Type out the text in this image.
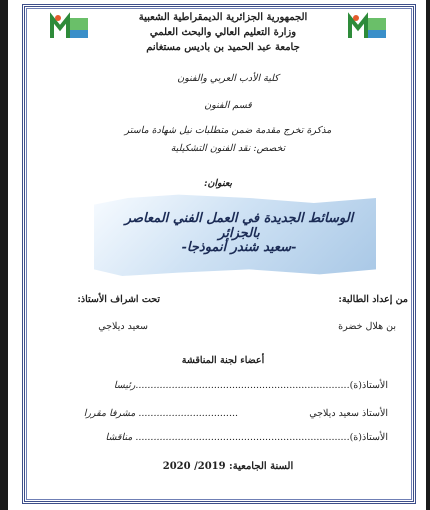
الجمهورية الجزائرية الديمقراطية الشعبية
وزارة التعليم العالي والبحث العلمي
جامعة عبد الحميد بن باديس مستغانم
كلية الأدب العربي والفنون
قسم الفنون
مذكرة تخرج مقدمة ضمن متطلبات نيل شهادة ماستر
تخصص: نقد الفنون التشكيلية
بعنوان:
الوسائط الجديدة في العمل الفني المعاصر بالجزائر
-سعيد شندر أنموذجا-
من إعداد الطالبة:
تحت اشراف الأستاذ:
بن هلال خضرة
سعيد ديلاجي
أعضاء لجنة المناقشة
الأستاذ(ة).....................................
..................................رئيسا
الأستاذ سعيد ديلاجي
................................. مشرفا مقررا
الأستاذ(ة).....................................
.................................. مناقشا
السنة الجامعية: 2019/ 2020
